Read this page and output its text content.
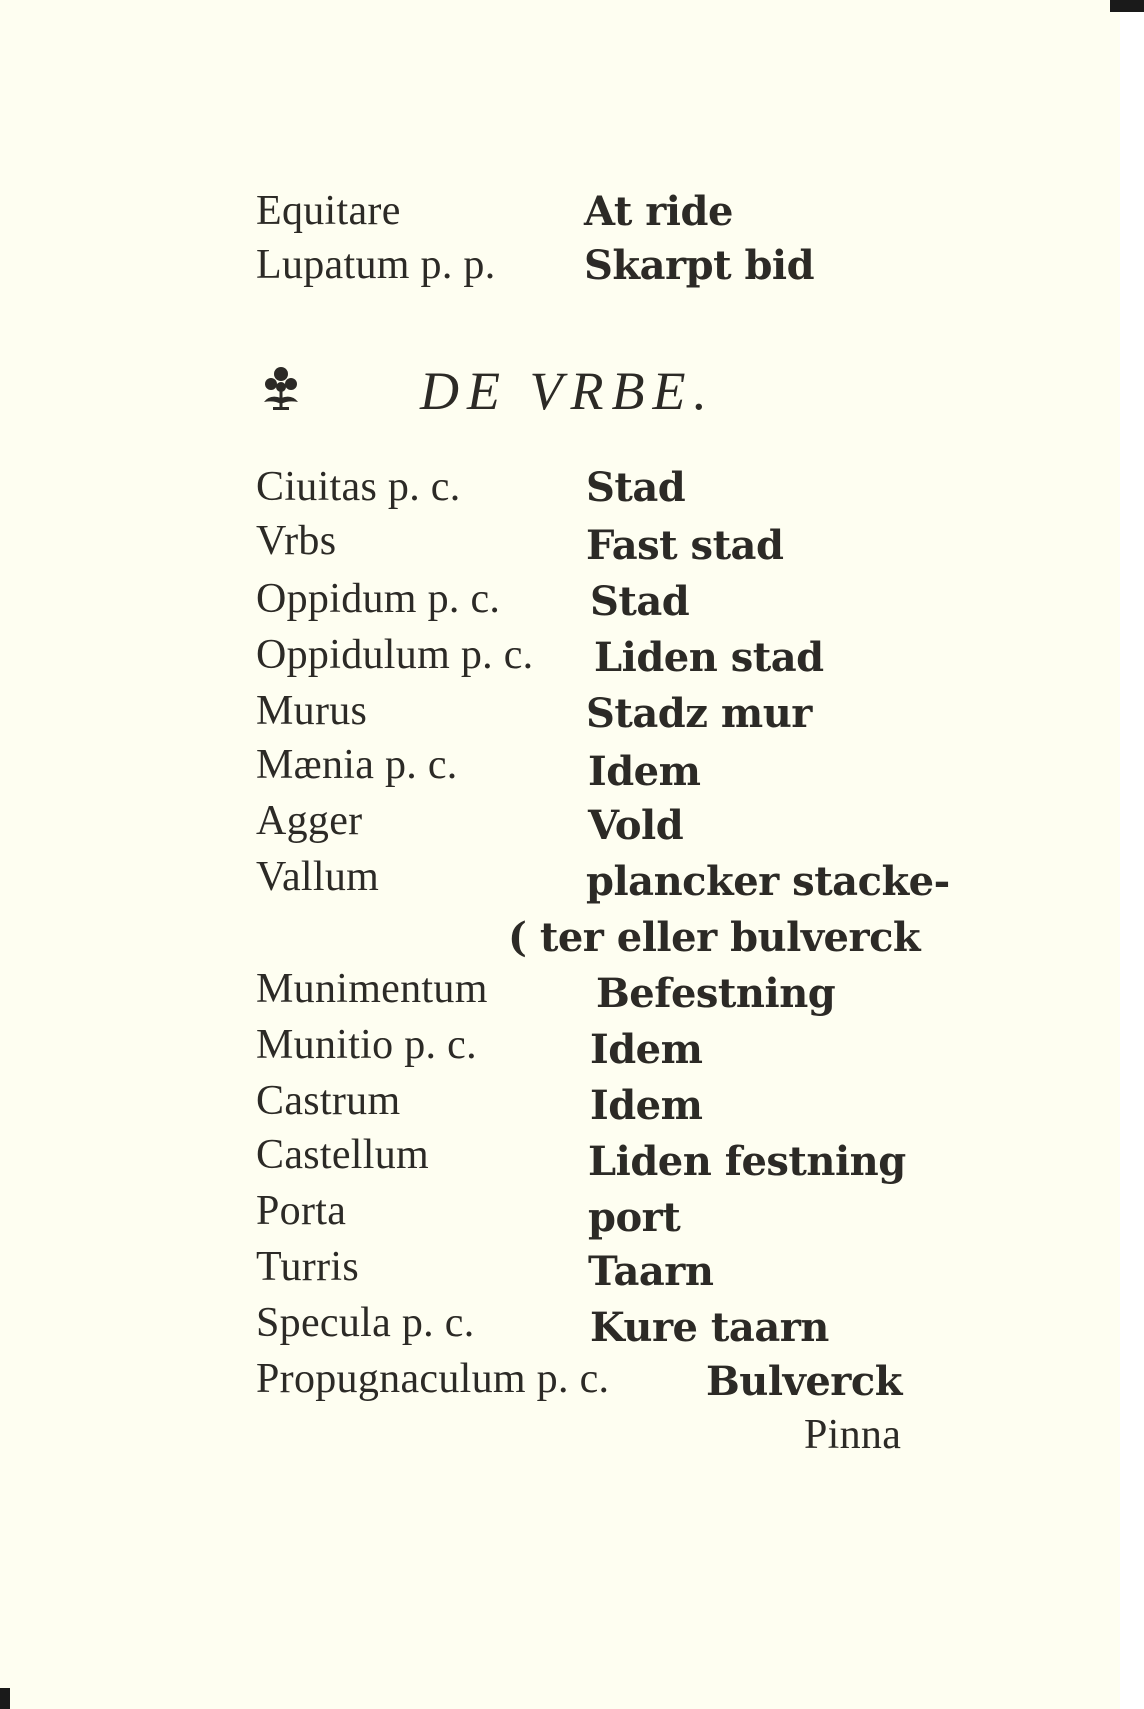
Equitare	At ride
Lupatum p. p. Skarpt bid
DE VRBE.
Ciuitas p. c.	Stad
Vrbs	Fast stad
Oppidum p. c. Stad
Oppidulum p. c. Liden stad
Murus	Stadz mur
Mænia p. c.	Idem
Agger	Vold
Vallum	plancker stacke-
( ter eller bulverck
Munimentum	Befestning
Munitio p. c.	Idem
Castrum	Idem
Castellum	Liden festning
Porta	port
Turris	Taarn
Specula p. c.	Kure taarn
Propugnaculum p. c. Bulverck
Pinna
